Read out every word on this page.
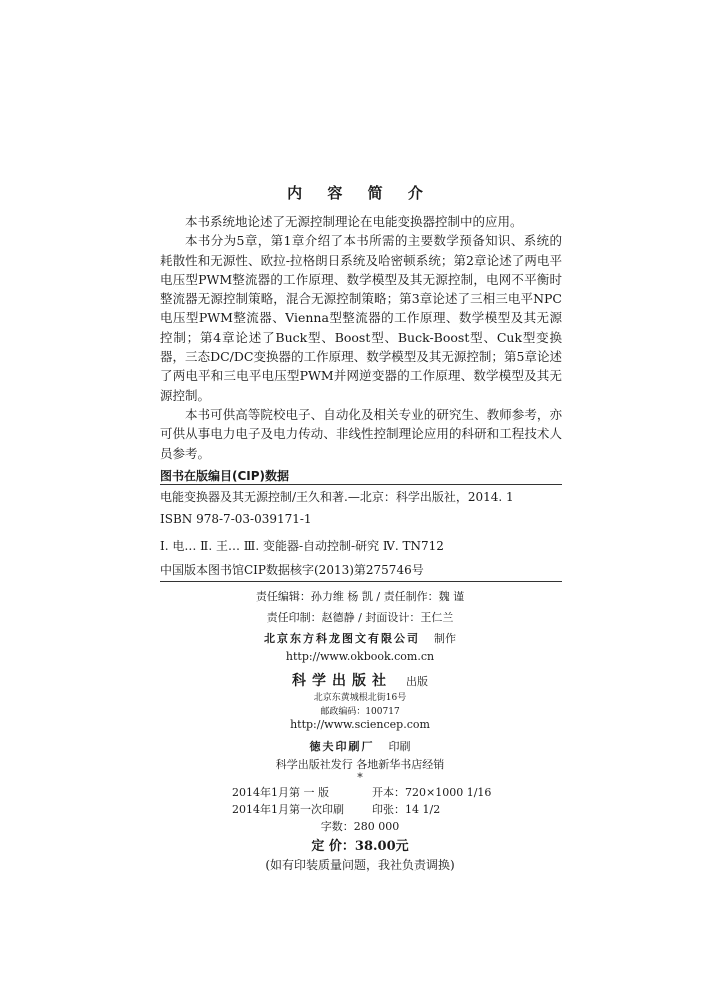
内 容 简 介

本书系统地论述了无源控制理论在电能变换器控制中的应用。

本书分为5章，第1章介绍了本书所需的主要数学预备知识、系统的耗散性和无源性、欧拉-拉格朗日系统及哈密顿系统；第2章论述了两电平电压型PWM整流器的工作原理、数学模型及其无源控制，电网不平衡时整流器无源控制策略，混合无源控制策略；第3章论述了三相三电平NPC电压型PWM整流器、Vienna型整流器的工作原理、数学模型及其无源控制；第4章论述了Buck型、Boost型、Buck-Boost型、Cuk型变换器，三态DC/DC变换器的工作原理、数学模型及其无源控制；第5章论述了两电平和三电平电压型PWM并网逆变器的工作原理、数学模型及其无源控制。

本书可供高等院校电子、自动化及相关专业的研究生、教师参考，亦可供从事电力电子及电力传动、非线性控制理论应用的科研和工程技术人员参考。

图书在版编目(CIP)数据
电能变换器及其无源控制/王久和著.—北京：科学出版社，2014. 1
ISBN 978-7-03-039171-1
Ⅰ. 电… Ⅱ. 王… Ⅲ. 变能器-自动控制-研究 Ⅳ. TN712
中国版本图书馆CIP数据核字(2013)第275746号
责任编辑：孙力维 杨 凯 / 责任制作：魏 谨
责任印制：赵德静 / 封面设计：王仁兰
北京东方科龙图文有限公司 制作
http://www.okbook.com.cn
科学出版社 出版
北京东黄城根北街16号
邮政编码：100717
http://www.sciencep.com
徳夫印刷厂 印刷
科学出版社发行 各地新华书店经销
*
2014年1月第 一 版	开本：720×1000 1/16
2014年1月第一次印刷	印张：14 1/2
字数：280 000
定 价：38.00元
(如有印装质量问题，我社负责调换)
